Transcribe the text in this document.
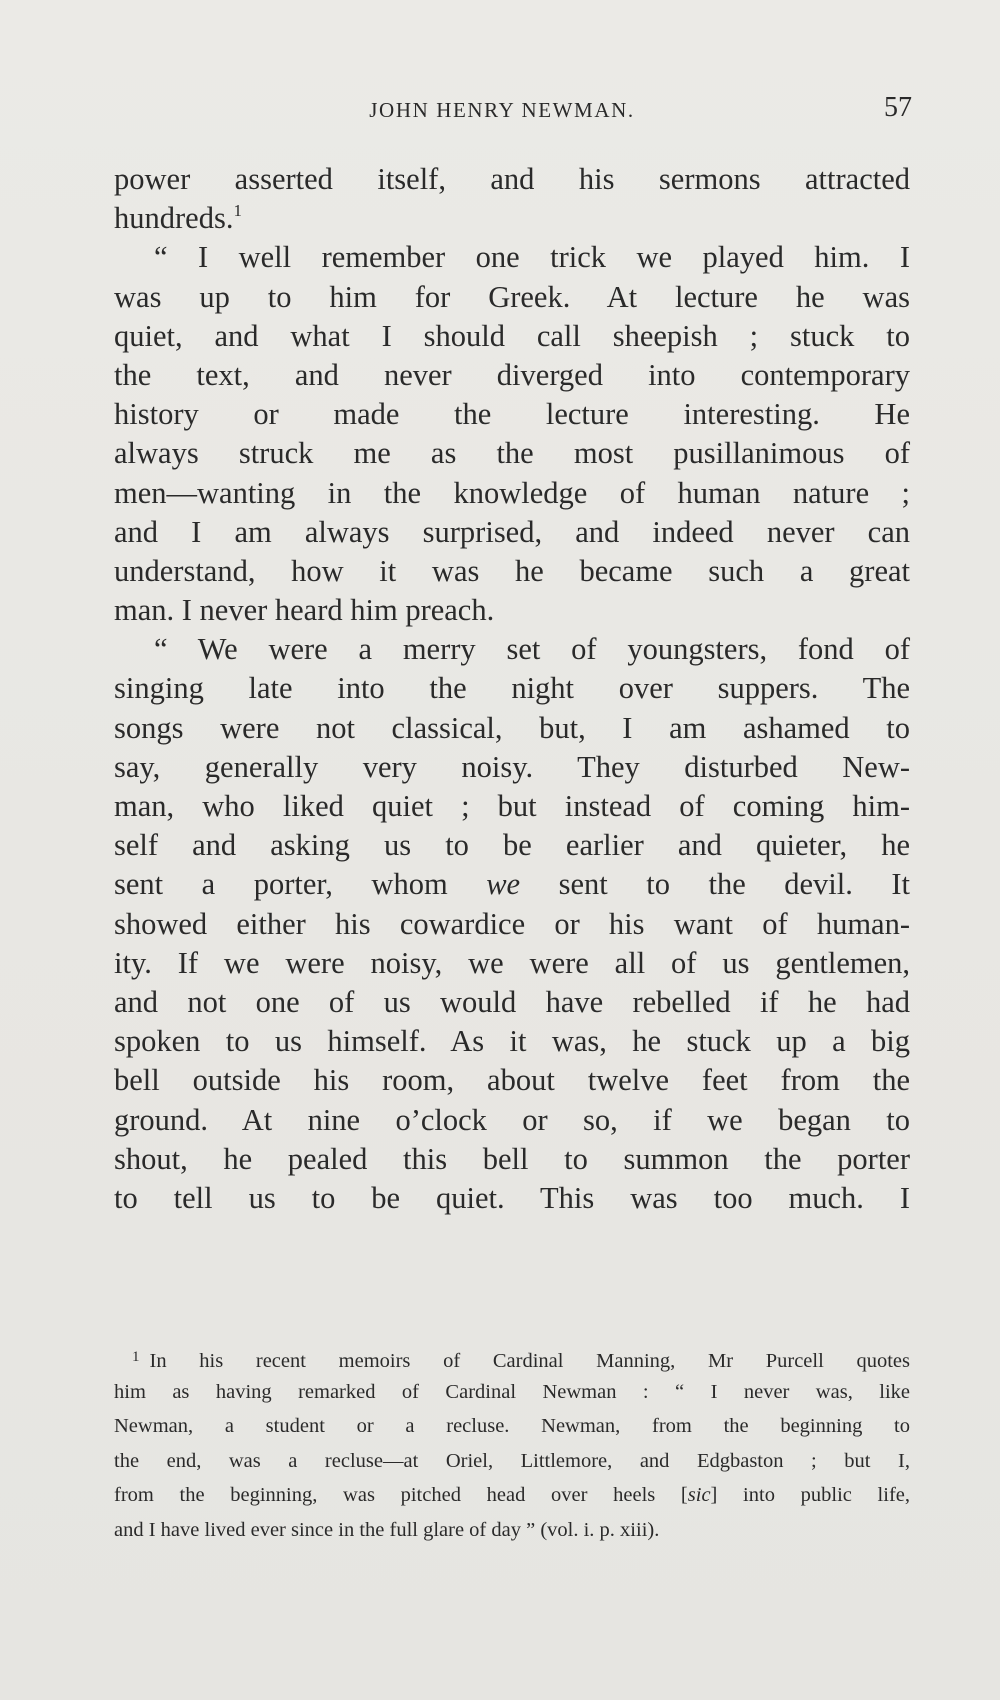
JOHN HENRY NEWMAN.	57
power asserted itself, and his sermons attracted
hundreds.$^1$
“ I well remember one trick we played him. I
was up to him for Greek. At lecture he was
quiet, and what I should call sheepish ; stuck to
the text, and never diverged into contemporary
history or made the lecture interesting. He
always struck me as the most pusillanimous of
men—wanting in the knowledge of human nature ;
and I am always surprised, and indeed never can
understand, how it was he became such a great
man. I never heard him preach.
“ We were a merry set of youngsters, fond of
singing late into the night over suppers. The
songs were not classical, but, I am ashamed to
say, generally very noisy. They disturbed New-
man, who liked quiet ; but instead of coming him-
self and asking us to be earlier and quieter, he
sent a porter, whom we sent to the devil. It
showed either his cowardice or his want of human-
ity. If we were noisy, we were all of us gentlemen,
and not one of us would have rebelled if he had
spoken to us himself. As it was, he stuck up a big
bell outside his room, about twelve feet from the
ground. At nine o’clock or so, if we began to
shout, he pealed this bell to summon the porter
to tell us to be quiet. This was too much. I
$^1$ In his recent memoirs of Cardinal Manning, Mr Purcell quotes
him as having remarked of Cardinal Newman : “ I never was, like
Newman, a student or a recluse. Newman, from the beginning to
the end, was a recluse—at Oriel, Littlemore, and Edgbaston ; but I,
from the beginning, was pitched head over heels [sic] into public life,
and I have lived ever since in the full glare of day ” (vol. i. p. xiii).
